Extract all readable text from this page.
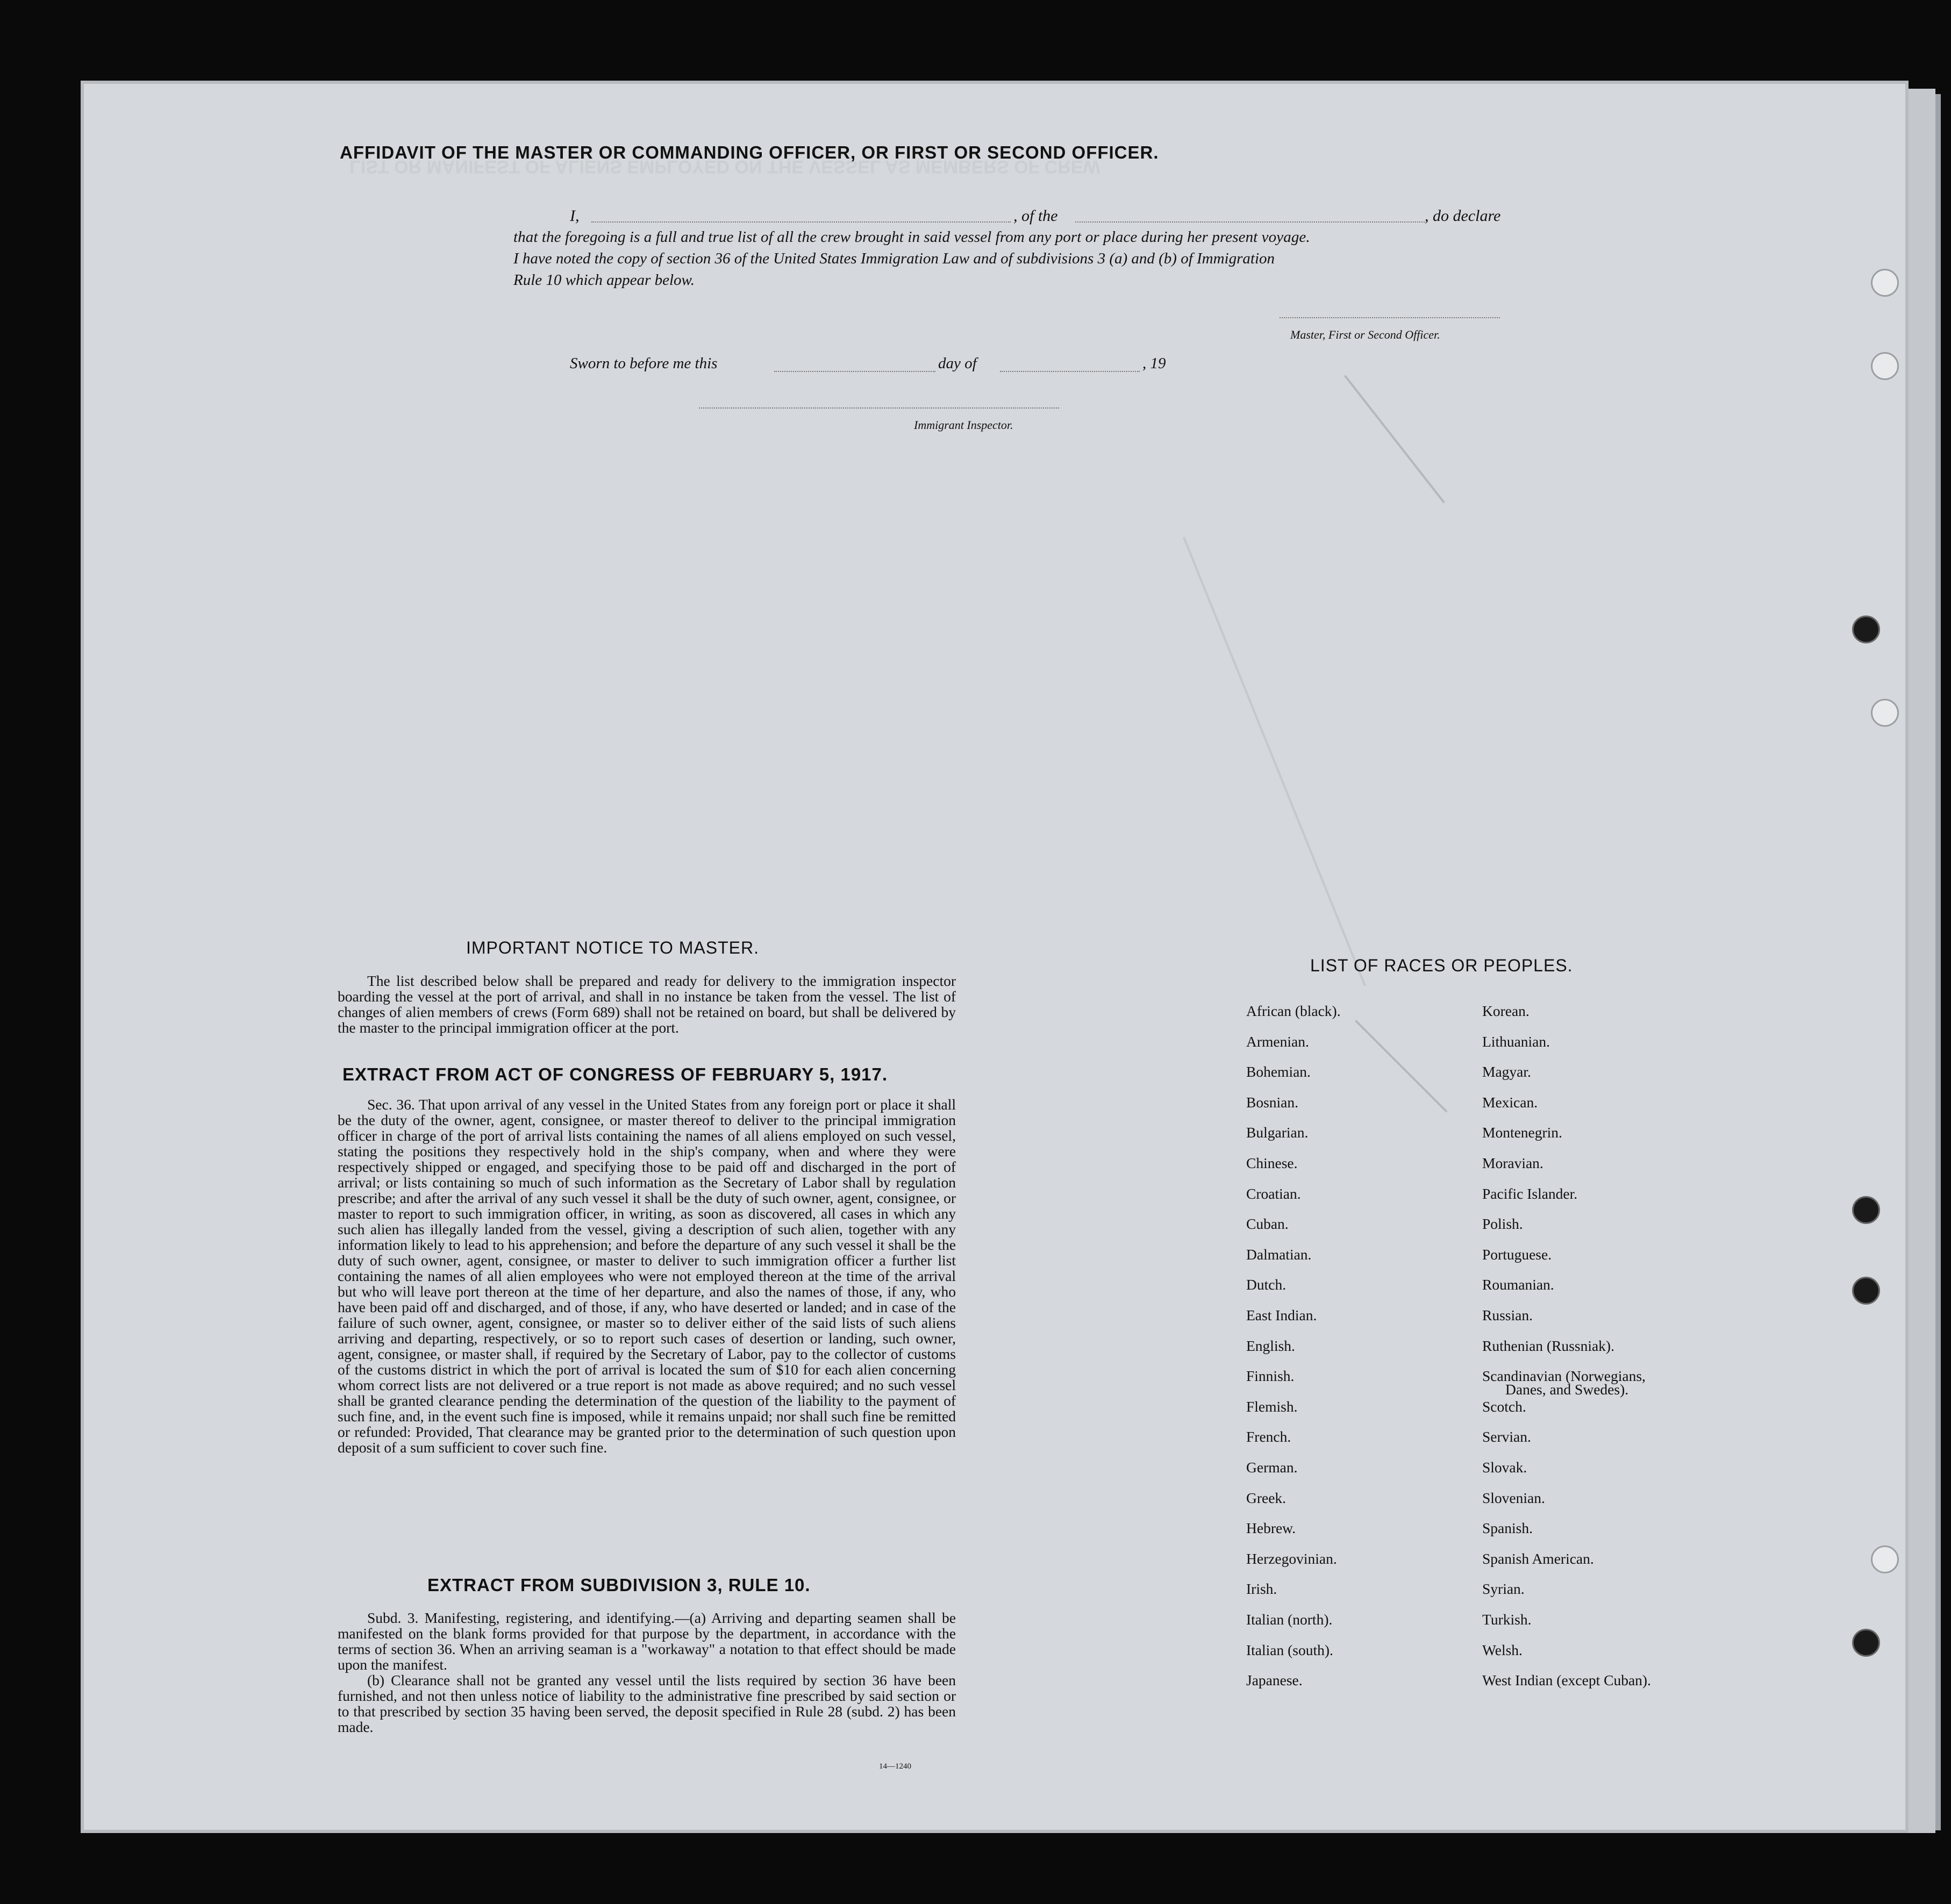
LIST OR MANIFEST OF ALIENS EMPLOYED ON THE VESSEL AS MEMBERS OF CREW
AFFIDAVIT OF THE MASTER OR COMMANDING OFFICER, OR FIRST OR SECOND OFFICER.
I,	, of the	, do declare
that the foregoing is a full and true list of all the crew brought in said vessel from any port or place during her present voyage.
I have noted the copy of section 36 of the United States Immigration Law and of subdivisions 3 (a) and (b) of Immigration
Rule 10 which appear below.
Master, First or Second Officer.
Sworn to before me this	day of	, 19
Immigrant Inspector.
IMPORTANT NOTICE TO MASTER.

The list described below shall be prepared and ready for delivery to the immigration inspector boarding the vessel at the port of arrival, and shall in no instance be taken from the vessel. The list of changes of alien members of crews (Form 689) shall not be retained on board, but shall be delivered by the master to the principal immigration officer at the port.

EXTRACT FROM ACT OF CONGRESS OF FEBRUARY 5, 1917.

Sec. 36. That upon arrival of any vessel in the United States from any foreign port or place it shall be the duty of the owner, agent, consignee, or master thereof to deliver to the principal immigration officer in charge of the port of arrival lists containing the names of all aliens employed on such vessel, stating the positions they respectively hold in the ship's company, when and where they were respectively shipped or engaged, and specifying those to be paid off and discharged in the port of arrival; or lists containing so much of such information as the Secretary of Labor shall by regulation prescribe; and after the arrival of any such vessel it shall be the duty of such owner, agent, consignee, or master to report to such immigration officer, in writing, as soon as discovered, all cases in which any such alien has illegally landed from the vessel, giving a description of such alien, together with any information likely to lead to his apprehension; and before the departure of any such vessel it shall be the duty of such owner, agent, consignee, or master to deliver to such immigration officer a further list containing the names of all alien employees who were not employed thereon at the time of the arrival but who will leave port thereon at the time of her departure, and also the names of those, if any, who have been paid off and discharged, and of those, if any, who have deserted or landed; and in case of the failure of such owner, agent, consignee, or master so to deliver either of the said lists of such aliens arriving and departing, respectively, or so to report such cases of desertion or landing, such owner, agent, consignee, or master shall, if required by the Secretary of Labor, pay to the collector of customs of the customs district in which the port of arrival is located the sum of $10 for each alien concerning whom correct lists are not delivered or a true report is not made as above required; and no such vessel shall be granted clearance pending the determination of the question of the liability to the payment of such fine, and, in the event such fine is imposed, while it remains unpaid; nor shall such fine be remitted or refunded: Provided, That clearance may be granted prior to the determination of such question upon deposit of a sum sufficient to cover such fine.

EXTRACT FROM SUBDIVISION 3, RULE 10.

Subd. 3. Manifesting, registering, and identifying.—(a) Arriving and departing seamen shall be manifested on the blank forms provided for that purpose by the department, in accordance with the terms of section 36. When an arriving seaman is a "workaway" a notation to that effect should be made upon the manifest.

(b) Clearance shall not be granted any vessel until the lists required by section 36 have been furnished, and not then unless notice of liability to the administrative fine prescribed by said section or to that prescribed by section 35 having been served, the deposit specified in Rule 28 (subd. 2) has been made.

14—1240
LIST OF RACES OR PEOPLES.
African (black).
Armenian.
Bohemian.
Bosnian.
Bulgarian.
Chinese.
Croatian.
Cuban.
Dalmatian.
Dutch.
East Indian.
English.
Finnish.
Flemish.
French.
German.
Greek.
Hebrew.
Herzegovinian.
Irish.
Italian (north).
Italian (south).
Japanese.
Korean.
Lithuanian.
Magyar.
Mexican.
Montenegrin.
Moravian.
Pacific Islander.
Polish.
Portuguese.
Roumanian.
Russian.
Ruthenian (Russniak).
Scandinavian (Norwegians,
Danes, and Swedes).
Scotch.
Servian.
Slovak.
Slovenian.
Spanish.
Spanish American.
Syrian.
Turkish.
Welsh.
West Indian (except Cuban).
